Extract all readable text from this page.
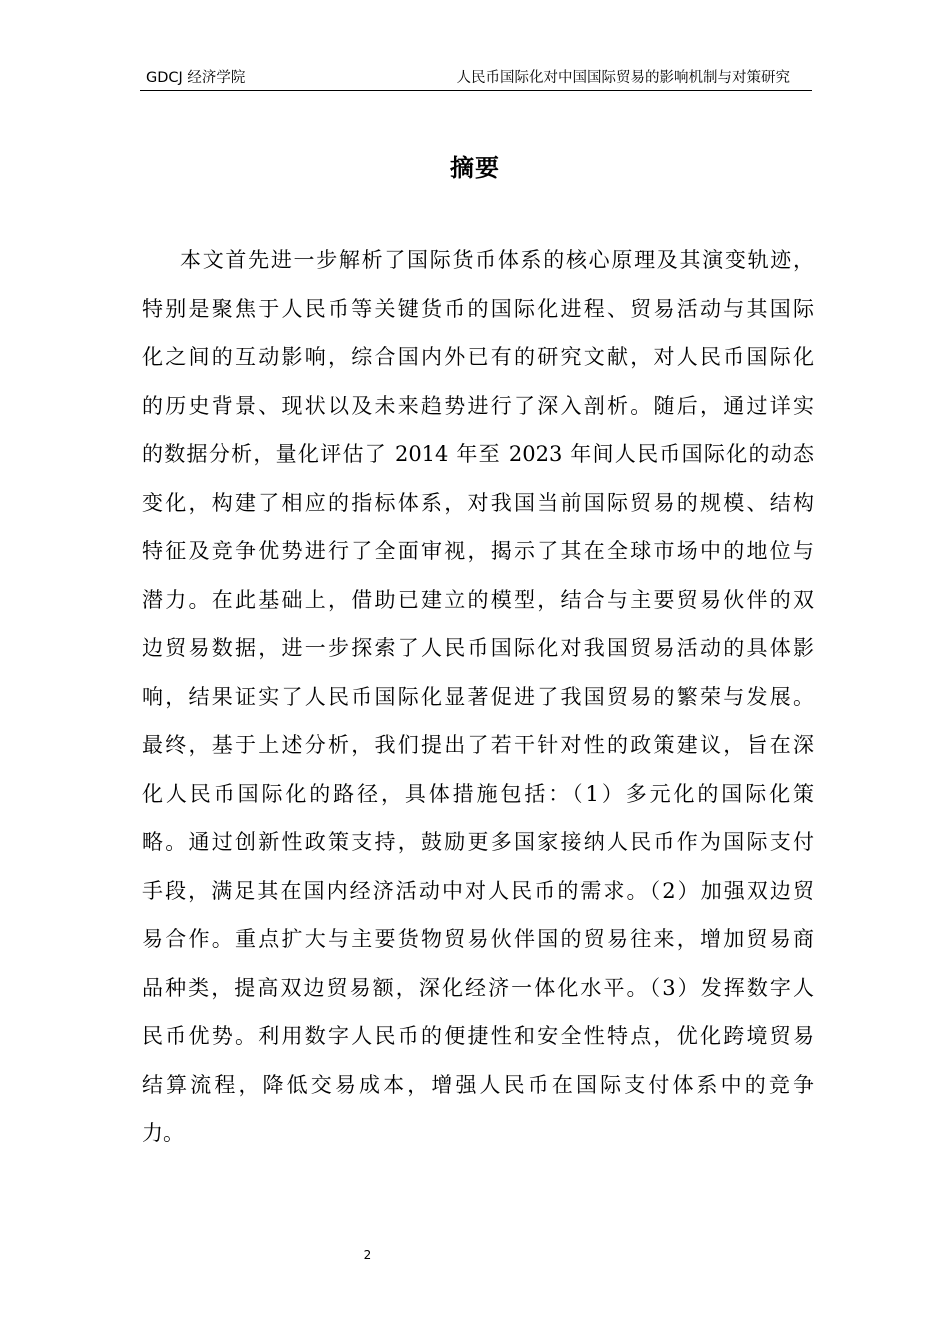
GDCJ 经济学院	人民币国际化对中国国际贸易的影响机制与对策研究
摘要
本文首先进一步解析了国际货币体系的核心原理及其演变轨迹，
特别是聚焦于人民币等关键货币的国际化进程、贸易活动与其国际
化之间的互动影响，综合国内外已有的研究文献，对人民币国际化
的历史背景、现状以及未来趋势进行了深入剖析。随后，通过详实
的数据分析，量化评估了 2014 年至 2023 年间人民币国际化的动态
变化，构建了相应的指标体系，对我国当前国际贸易的规模、结构
特征及竞争优势进行了全面审视，揭示了其在全球市场中的地位与
潜力。在此基础上，借助已建立的模型，结合与主要贸易伙伴的双
边贸易数据，进一步探索了人民币国际化对我国贸易活动的具体影
响，结果证实了人民币国际化显著促进了我国贸易的繁荣与发展。
最终，基于上述分析，我们提出了若干针对性的政策建议，旨在深
化人民币国际化的路径，具体措施包括：（1）多元化的国际化策
略。通过创新性政策支持，鼓励更多国家接纳人民币作为国际支付
手段，满足其在国内经济活动中对人民币的需求。（2）加强双边贸
易合作。重点扩大与主要货物贸易伙伴国的贸易往来，增加贸易商
品种类，提高双边贸易额，深化经济一体化水平。（3）发挥数字人
民币优势。利用数字人民币的便捷性和安全性特点，优化跨境贸易
结算流程，降低交易成本，增强人民币在国际支付体系中的竞争
力。
2
